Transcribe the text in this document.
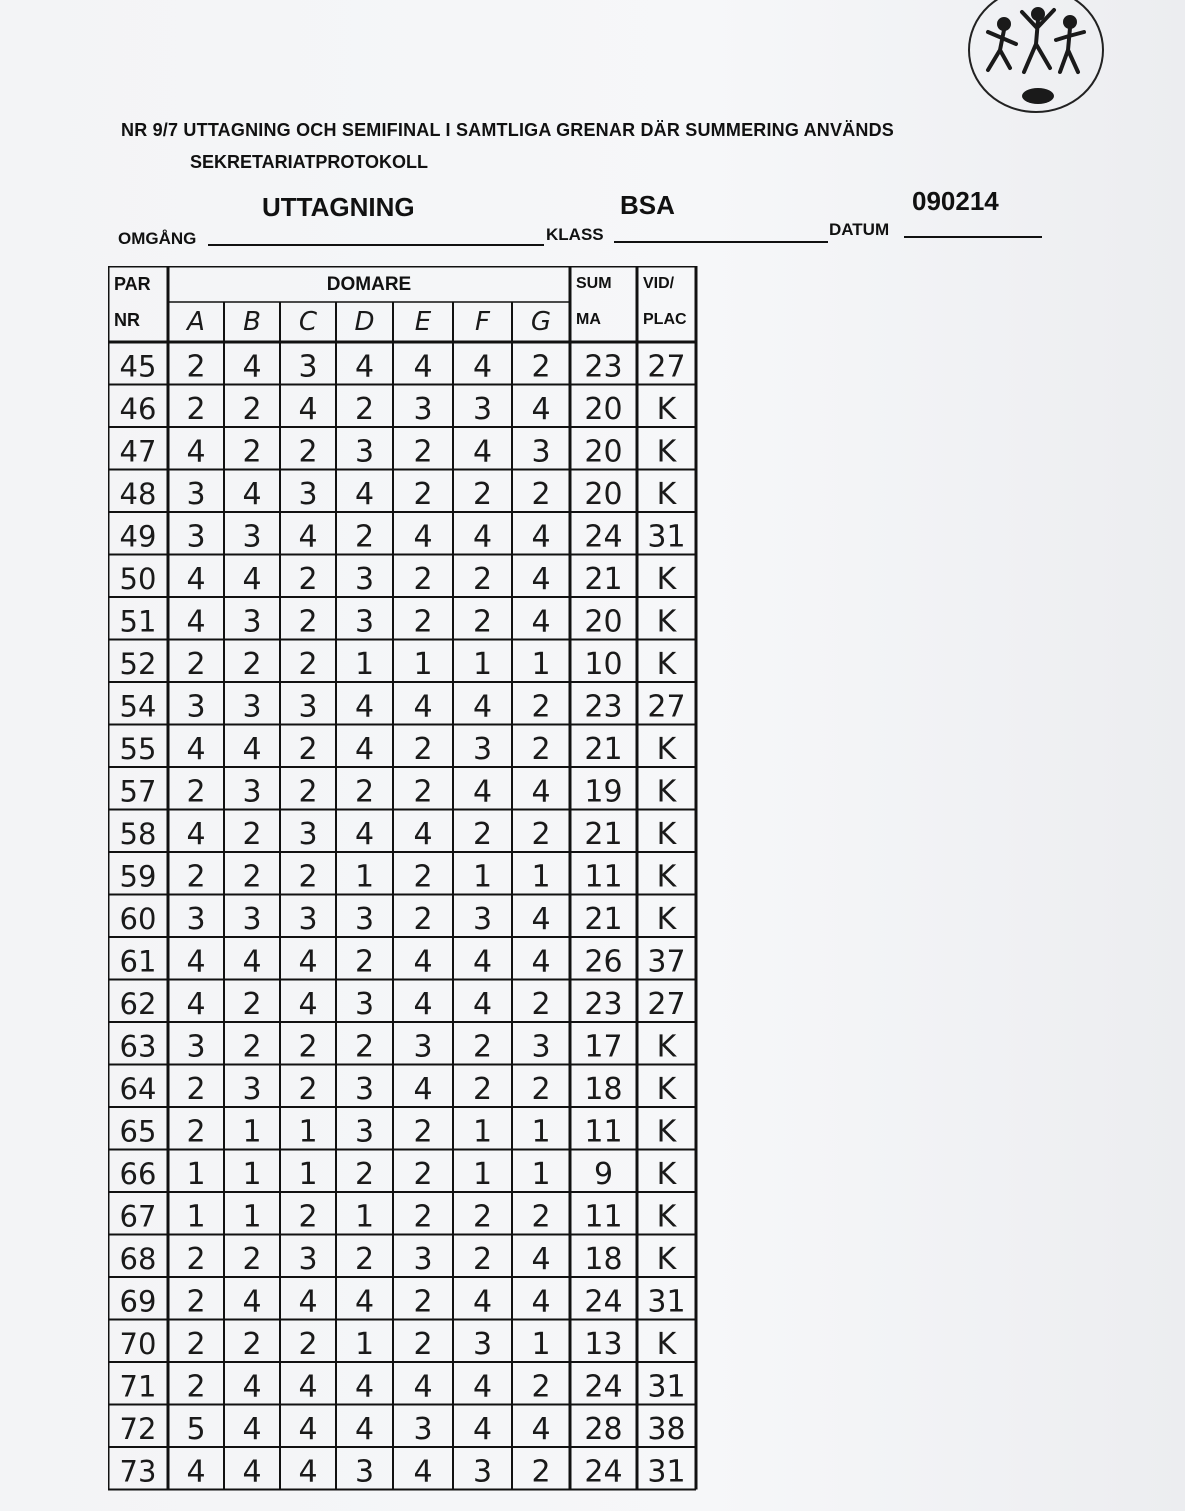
NR 9/7 UTTAGNING OCH SEMIFINAL I SAMTLIGA GRENAR DÄR SUMMERING ANVÄNDS
SEKRETARIATPROTOKOLL
UTTAGNING
OMGÅNG
BSA
KLASS
090214
DATUM
PAR
NR
DOMARE
A B C D E F G
SUM
MA
VID/
PLAC
45 2 4 3 4 4 4 2 23 27
46 2 2 4 2 3 3 4 20 K
47 4 2 2 3 2 4 3 20 K
48 3 4 3 4 2 2 2 20 K
49 3 3 4 2 4 4 4 24 31
50 4 4 2 3 2 2 4 21 K
51 4 3 2 3 2 2 4 20 K
52 2 2 2 1 1 1 1 10 K
54 3 3 3 4 4 4 2 23 27
55 4 4 2 4 2 3 2 21 K
57 2 3 2 2 2 4 4 19 K
58 4 2 3 4 4 2 2 21 K
59 2 2 2 1 2 1 1 11 K
60 3 3 3 3 2 3 4 21 K
61 4 4 4 2 4 4 4 26 37
62 4 2 4 3 4 4 2 23 27
63 3 2 2 2 3 2 3 17 K
64 2 3 2 3 4 2 2 18 K
65 2 1 1 3 2 1 1 11 K
66 1 1 1 2 2 1 1 9 K
67 1 1 2 1 2 2 2 11 K
68 2 2 3 2 3 2 4 18 K
69 2 4 4 4 2 4 4 24 31
70 2 2 2 1 2 3 1 13 K
71 2 4 4 4 4 4 2 24 31
72 5 4 4 4 3 4 4 28 38
73 4 4 4 3 4 3 2 24 31
